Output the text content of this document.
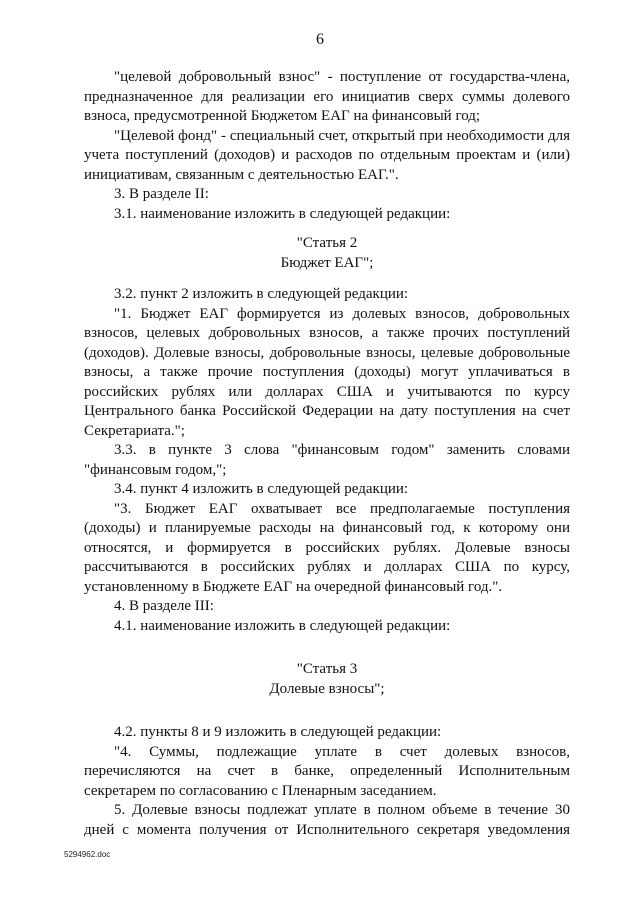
6

"целевой добровольный взнос" - поступление от государства-члена, предназначенное для реализации его инициатив сверх суммы долевого взноса, предусмотренной Бюджетом ЕАГ на финансовый год;

"Целевой фонд" - специальный счет, открытый при необходимости для учета поступлений (доходов) и расходов по отдельным проектам и (или) инициативам, связанным с деятельностью ЕАГ.".

3. В разделе II:

3.1. наименование изложить в следующей редакции:

"Статья 2

Бюджет ЕАГ";

3.2. пункт 2 изложить в следующей редакции:

"1. Бюджет ЕАГ формируется из долевых взносов, добровольных взносов, целевых добровольных взносов, а также прочих поступлений (доходов). Долевые взносы, добровольные взносы, целевые добровольные взносы, а также прочие поступления (доходы) могут уплачиваться в российских рублях или долларах США и учитываются по курсу Центрального банка Российской Федерации на дату поступления на счет Секретариата.";

3.3. в пункте 3 слова "финансовым годом" заменить словами "финансовым годом,";

3.4. пункт 4 изложить в следующей редакции:

"3. Бюджет ЕАГ охватывает все предполагаемые поступления (доходы) и планируемые расходы на финансовый год, к которому они относятся, и формируется в российских рублях. Долевые взносы рассчитываются в российских рублях и долларах США по курсу, установленному в Бюджете ЕАГ на очередной финансовый год.".

4. В разделе III:

4.1. наименование изложить в следующей редакции:

"Статья 3

Долевые взносы";

4.2. пункты 8 и 9 изложить в следующей редакции:

"4. Суммы, подлежащие уплате в счет долевых взносов, перечисляются на счет в банке, определенный Исполнительным секретарем по согласованию с Пленарным заседанием.

5. Долевые взносы подлежат уплате в полном объеме в течение 30 дней с момента получения от Исполнительного секретаря уведомления

5294962.doc
